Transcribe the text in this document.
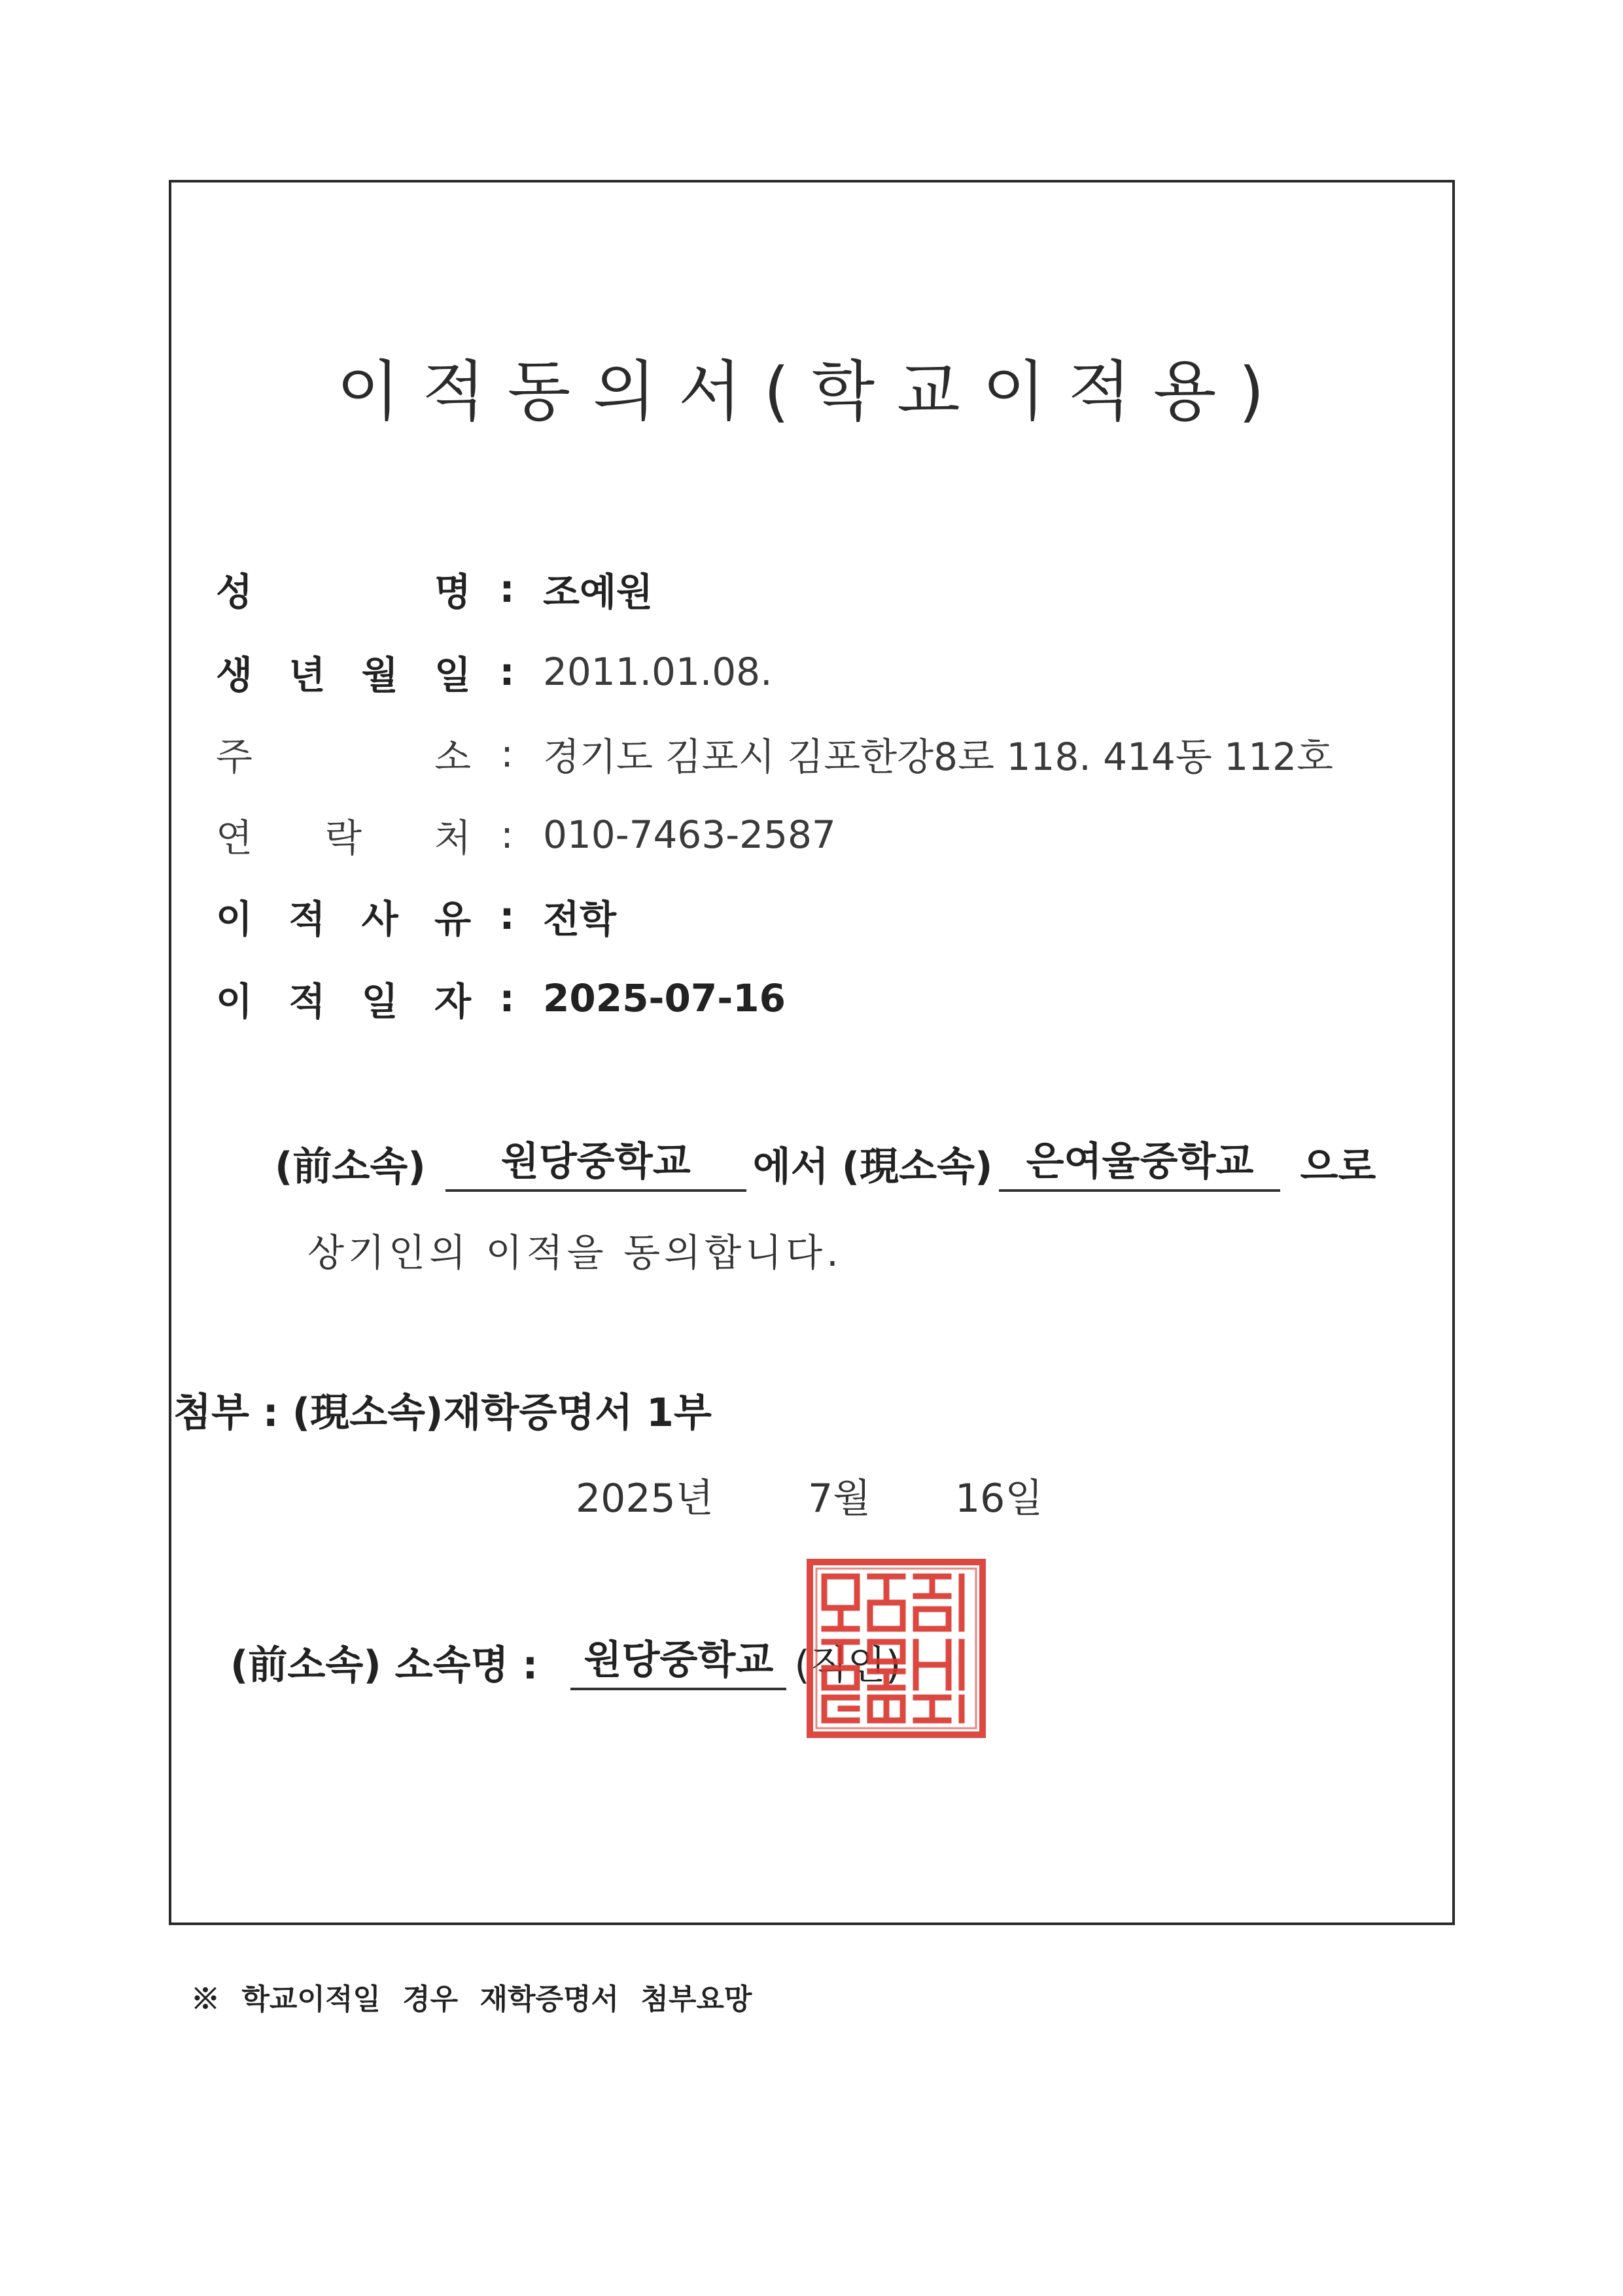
이적동의서(학교이적용)
성	명 : 조예원
생 년 월 일 : 2011.01.08.
주	소 : 경기도 김포시 김포한강8로 118. 414동 112호
연 락 처 : 010-7463-2587
이 적 사 유 : 전학
이 적 일 자 : 2025-07-16
(前소속)	원당중학교	에서 (現소속) 은여울중학교	으로
상기인의 이적을 동의합니다.
첨부 : (現소속)재학증명서 1부
2025년 7월 16일
(前소속) 소속명 :	원당중학교 (직인)
※ 학교이적일 경우 재학증명서 첨부요망
